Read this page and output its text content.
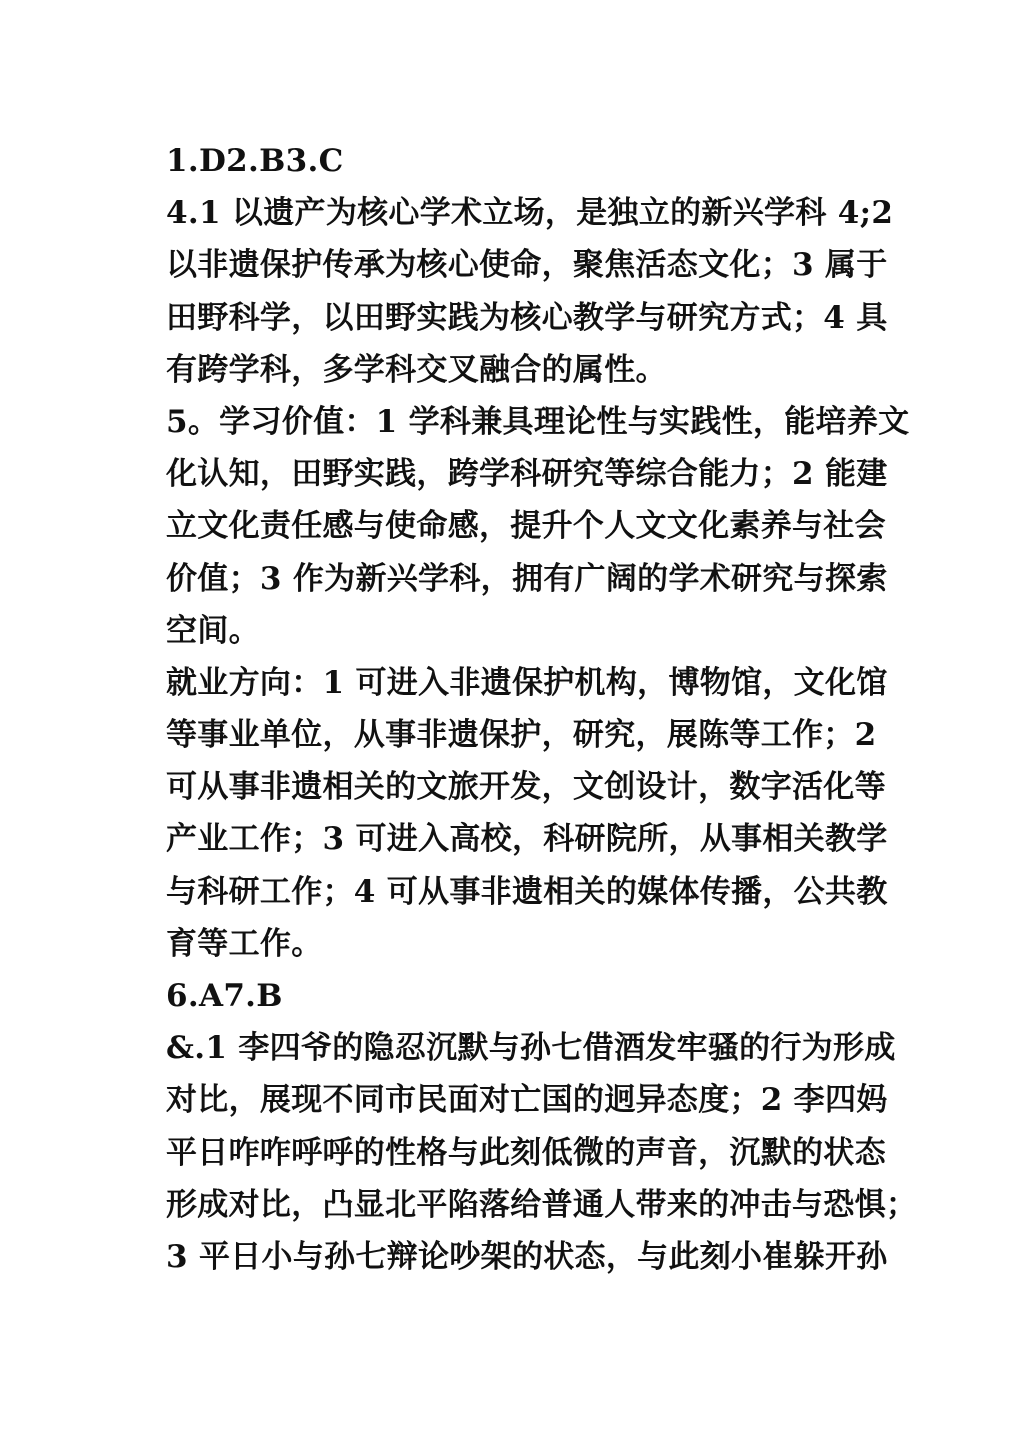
1.D2.B3.C
4.1 以遗产为核心学术立场，是独立的新兴学科 4;2
以非遗保护传承为核心使命，聚焦活态文化；3 属于
田野科学，以田野实践为核心教学与研究方式；4 具
有跨学科，多学科交叉融合的属性。
5。学习价值：1 学科兼具理论性与实践性，能培养文
化认知，田野实践，跨学科研究等综合能力；2 能建
立文化责任感与使命感，提升个人文文化素养与社会
价值；3 作为新兴学科，拥有广阔的学术研究与探索
空间。
就业方向：1 可进入非遗保护机构，博物馆，文化馆
等事业单位，从事非遗保护，研究，展陈等工作；2
可从事非遗相关的文旅开发，文创设计，数字活化等
产业工作；3 可进入高校，科研院所，从事相关教学
与科研工作；4 可从事非遗相关的媒体传播，公共教
育等工作。
6.A7.B
&.1 李四爷的隐忍沉默与孙七借酒发牢骚的行为形成
对比，展现不同市民面对亡国的迥异态度；2 李四妈
平日咋咋呼呼的性格与此刻低微的声音，沉默的状态
形成对比，凸显北平陷落给普通人带来的冲击与恐惧；
3 平日小与孙七辩论吵架的状态，与此刻小崔躲开孙
